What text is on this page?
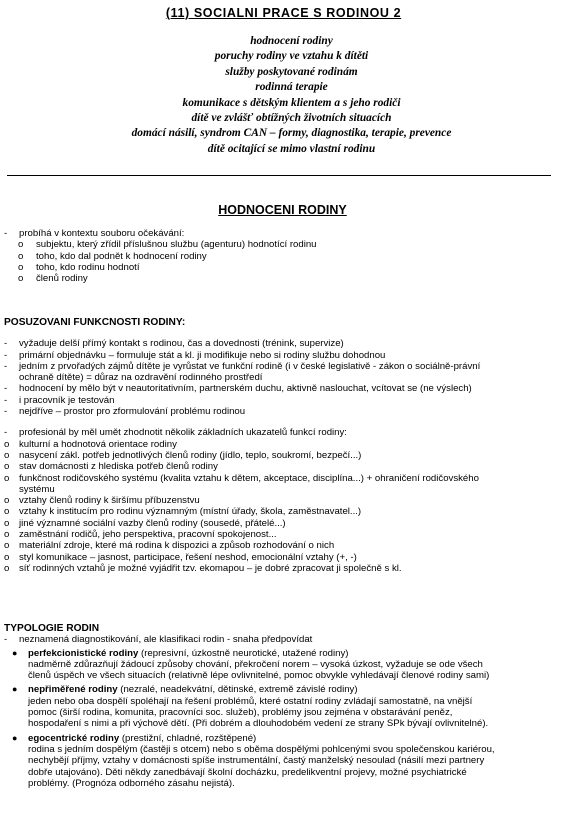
(11) SOCIALNI PRACE S RODINOU 2
hodnocení rodiny
poruchy rodiny ve vztahu k dítěti
služby poskytované rodinám
rodinná terapie
komunikace s dětským klientem a s jeho rodiči
dítě ve zvlášť obtížných životních situacích
domácí násilí, syndrom CAN – formy, diagnostika, terapie, prevence
dítě ocitající se mimo vlastní rodinu
HODNOCENI RODINY
-	probíhá v kontextu souboru očekávání:
o	subjektu, který zřídil příslušnou službu (agenturu) hodnotící rodinu
o	toho, kdo dal podnět k hodnocení rodiny
o	toho, kdo rodinu hodnotí
o	členů rodiny
POSUZOVANI FUNKCNOSTI RODINY:
-	vyžaduje delší přímý kontakt s rodinou, čas a dovednosti (trénink, supervize)
-	primární objednávku – formuluje stát a kl. ji modifikuje nebo si rodiny službu dohodnou
-	jedním z prvořadých zájmů dítěte je vyrůstat ve funkční rodině (i v české legislativě - zákon o sociálně-právní
ochraně dítěte) = důraz na ozdravění rodinného prostředí
-	hodnocení by mělo být v neautoritativním, partnerském duchu, aktivně naslouchat, vcítovat se (ne výslech)
-	i pracovník je testován
-	nejdříve – prostor pro zformulování problému rodinou
-	profesionál by měl umět zhodnotit několik základních ukazatelů funkcí rodiny:
o	kulturní a hodnotová orientace rodiny
o	nasycení zákl. potřeb jednotlivých členů rodiny (jídlo, teplo, soukromí, bezpečí...)
o	stav domácnosti z hlediska potřeb členů rodiny
o	funkčnost rodičovského systému (kvalita vztahu k dětem, akceptace, disciplína...) + ohraničení rodičovského
systému
o	vztahy členů rodiny k širšímu příbuzenstvu
o	vztahy k institucím pro rodinu významným (místní úřady, škola, zaměstnavatel...)
o	jiné významné sociální vazby členů rodiny (sousedé, přátelé...)
o	zaměstnání rodičů, jeho perspektiva, pracovní spokojenost...
o	materiální zdroje, které má rodina k dispozici a způsob rozhodování o nich
o	styl komunikace – jasnost, participace, řešení neshod, emocionální vztahy (+, -)
o	síť rodinných vztahů je možné vyjádřit tzv. ekomapou – je dobré zpracovat ji společně s kl.
TYPOLOGIE RODIN
-	neznamená diagnostikování, ale klasifikaci rodin - snaha předpovídat
●	perfekcionistické rodiny (represivní, úzkostně neurotické, utažené rodiny)
nadměrně zdůrazňují žádoucí způsoby chování, překročení norem – vysoká úzkost, vyžaduje se ode všech
členů úspěch ve všech situacích (relativně lépe ovlivnitelné, pomoc obvykle vyhledávají členové rodiny sami)
●	nepřiměřené rodiny (nezralé, neadekvátní, dětinské, extremě závislé rodiny)
jeden nebo oba dospělí spoléhají na řešení problémů, které ostatní rodiny zvládají samostatně, na vnější
pomoc (širší rodina, komunita, pracovníci soc. služeb), problémy jsou zejména v obstarávání peněz,
hospodaření s nimi a při výchově dětí. (Při dobrém a dlouhodobém vedení ze strany SPk bývají ovlivnitelné).
●	egocentrické rodiny (prestižní, chladné, rozštěpené)
rodina s jedním dospělým (častěji s otcem) nebo s oběma dospělými pohlcenými svou společenskou kariérou,
nechybějí příjmy, vztahy v domácnosti spíše instrumentální, častý manželský nesoulad (násilí mezi partnery
dobře utajováno). Děti někdy zanedbávají školní docházku, predelikventní projevy, možné psychiatrické
problémy. (Prognóza odborného zásahu nejistá).
